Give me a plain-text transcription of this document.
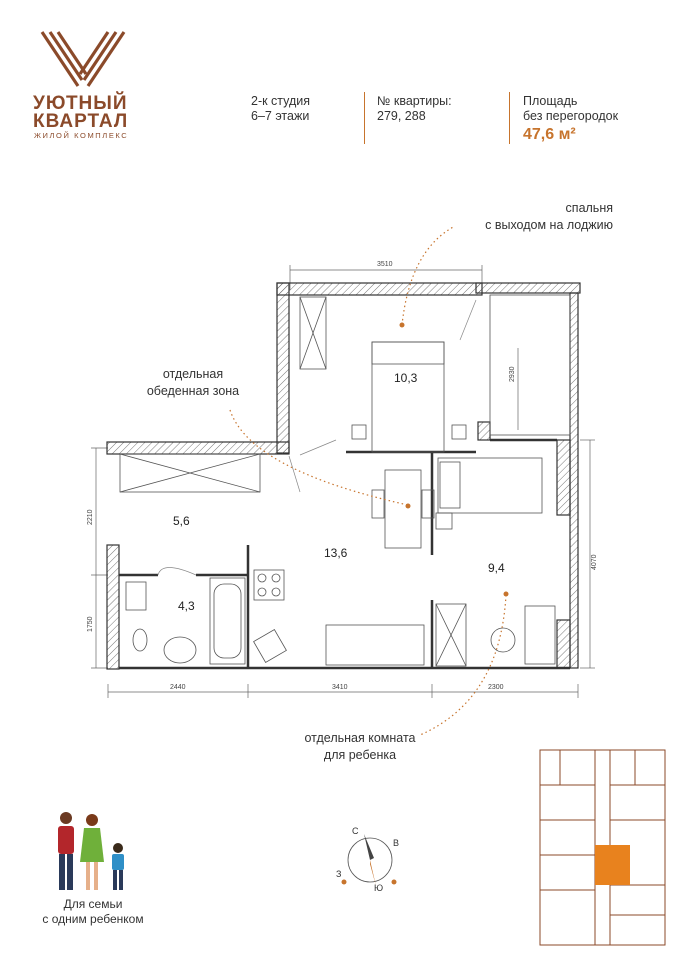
УЮТНЫЙ
КВАРТАЛ
ЖИЛОЙ КОМПЛЕКС
2-к студия
6–7 этажи
№ квартиры:
279, 288
Площадь
без перегородок
47,6 м²
спальня
с выходом на лоджию
отдельная
обеденная зона
отдельная комната
для ребенка
10,3
5,6
4,3
13,6
9,4
3510
2930
2210
1750
4070
2440	3410	2300
Для семьи
с одним ребенком
С
В
Ю
З
